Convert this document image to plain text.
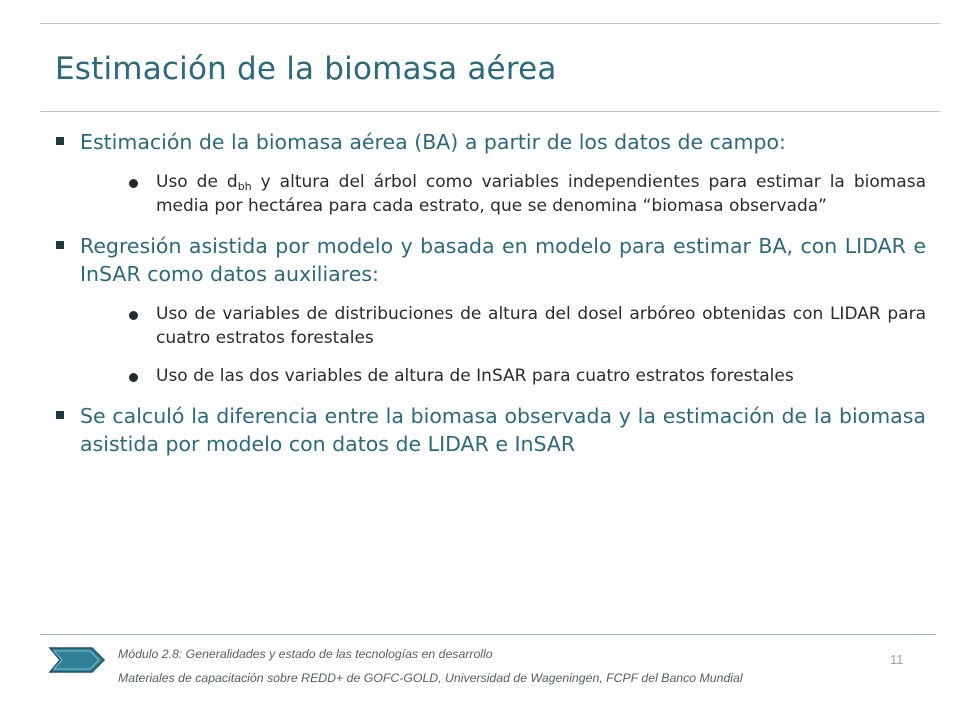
Estimación de la biomasa aérea
Estimación de la biomasa aérea (BA) a partir de los datos de campo:
Uso de $d_{bh}$ y altura del árbol como variables independientes para estimar la biomasa media por hectárea para cada estrato, que se denomina “biomasa observada”
Regresión asistida por modelo y basada en modelo para estimar BA, con LIDAR e InSAR como datos auxiliares:
Uso de variables de distribuciones de altura del dosel arbóreo obtenidas con LIDAR para cuatro estratos forestales
Uso de las dos variables de altura de InSAR para cuatro estratos forestales
Se calculó la diferencia entre la biomasa observada y la estimación de la biomasa asistida por modelo con datos de LIDAR e InSAR
Módulo 2.8: Generalidades y estado de las tecnologías en desarrollo
Materiales de capacitación sobre REDD+ de GOFC-GOLD, Universidad de Wageningen, FCPF del Banco Mundial
11
